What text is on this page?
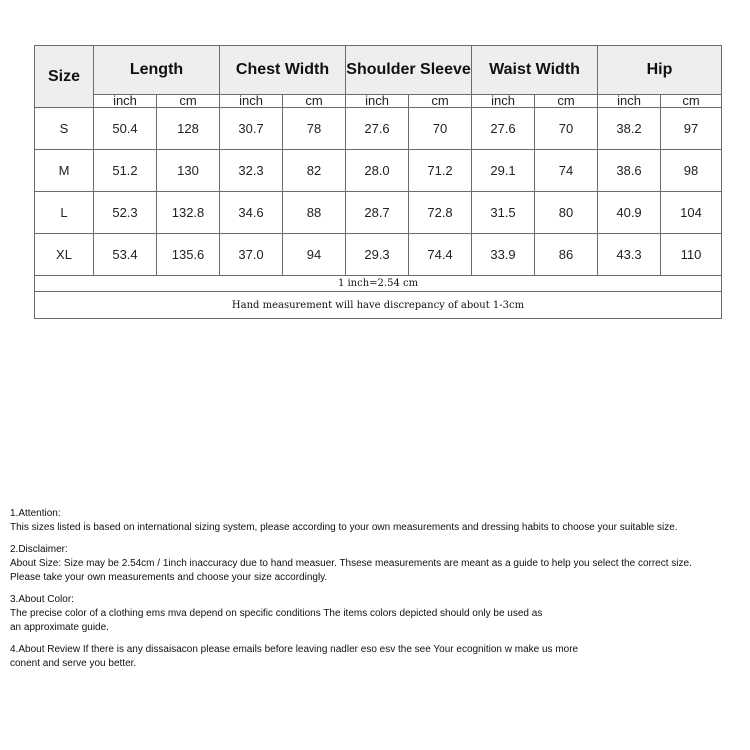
Size	Length		Chest Width		Shoulder Sleeve		Waist Width		Hip	
	inch	cm	inch	cm	inch	cm	inch	cm	inch	cm
S	50.4	128	30.7	78	27.6	70	27.6	70	38.2	97
M	51.2	130	32.3	82	28.0	71.2	29.1	74	38.6	98
L	52.3	132.8	34.6	88	28.7	72.8	31.5	80	40.9	104
XL	53.4	135.6	37.0	94	29.3	74.4	33.9	86	43.3	110
1 inch=2.54 cm										
Hand measurement will have discrepancy of about 1-3cm										

1.Attention:

This sizes listed is based on international sizing system, please according to your own measurements and dressing habits to choose your suitable size.

2.Disclaimer:

About Size: Size may be 2.54cm / 1inch inaccuracy due to hand measuer. Thsese measurements are meant as a guide to help you select the correct size.

Please take your own measurements and choose your size accordingly.

3.About Color:

The precise color of a clothing ems mva depend on specific conditions The items colors depicted should only be used as

an approximate guide.

4.About Review If there is any dissaisacon please emails before leaving nadler eso esv the see Your ecognition w make us more

conent and serve you better.
